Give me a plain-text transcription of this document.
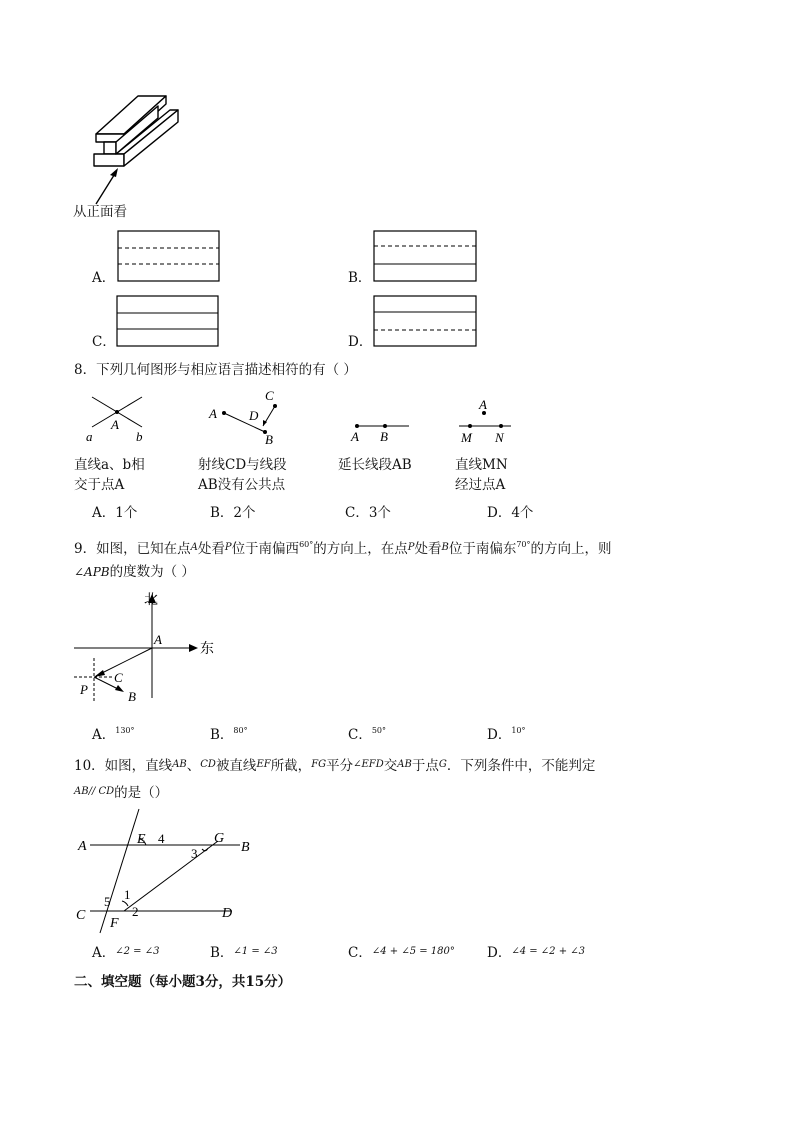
从正面看
A．	B．
C．	D．
8．下列几何图形与相应语言描述相符的有（ ）
A
a	b
直线a、b相
交于点A
A
B
C
D
射线CD与线段
AB没有公共点
A B
延长线段AB
A
M N
直线MN
经过点A
A．1个	B．2个	C．3个	D．4个
9．如图，已知在点$^A$处看$^P$位于南偏西$^{60^\circ}$的方向上，在点$^P$处看$^B$位于南偏东$^{70^\circ}$的方向上，则
∠APB的度数为（ ）
北
东
A
C
P	B
A．$^{130^\circ}$	B．$^{80^\circ}$	C．$^{50^\circ}$	D．$^{10^\circ}$
10．如图，直线$^{AB}$、$^{CD}$被直线$^{EF}$所截，$^{FG}$平分$^{\angle EFD}$交$^{AB}$于点$^G$．下列条件中，不能判定
$^{AB// CD}$的是（）
A	E 4	G
B
3
C
5 1
2
F
D
A．$^{\angle 2 = \angle 3}$	B．$^{\angle 1 = \angle 3}$	C．$^{\angle 4 + \angle 5 = 180^\circ}$ D．$^{\angle 4 = \angle 2 + \angle 3}$
二、填空题（每小题3分，共15分）
